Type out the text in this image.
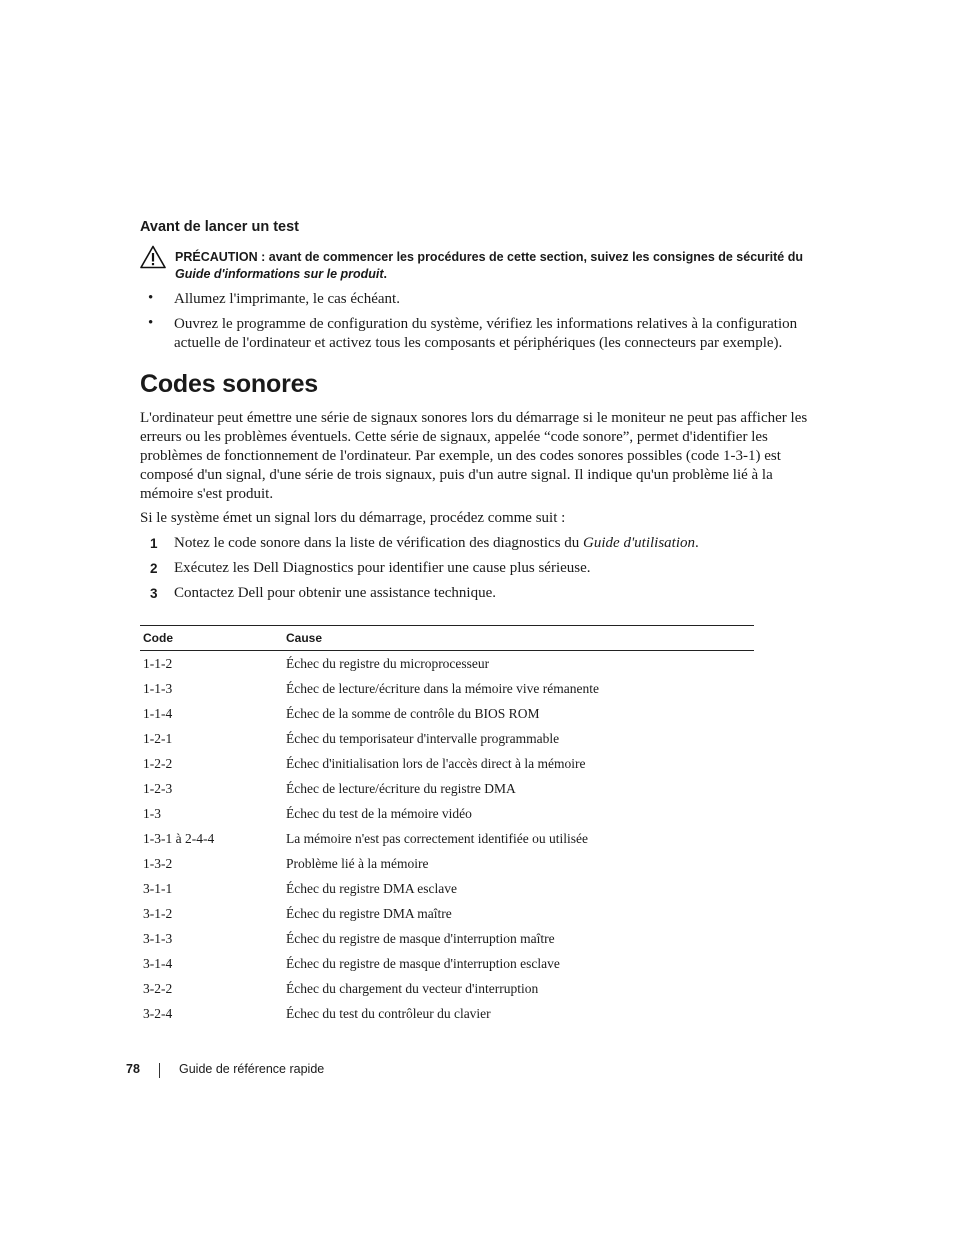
Avant de lancer un test
PRÉCAUTION : avant de commencer les procédures de cette section, suivez les consignes de sécurité du Guide d'informations sur le produit.
• Allumez l'imprimante, le cas échéant.
• Ouvrez le programme de configuration du système, vérifiez les informations relatives à la configuration actuelle de l'ordinateur et activez tous les composants et périphériques (les connecteurs par exemple).
Codes sonores
L'ordinateur peut émettre une série de signaux sonores lors du démarrage si le moniteur ne peut pas afficher les erreurs ou les problèmes éventuels. Cette série de signaux, appelée “code sonore”, permet d'identifier les problèmes de fonctionnement de l'ordinateur. Par exemple, un des codes sonores possibles (code 1-3-1) est composé d'un signal, d'une série de trois signaux, puis d'un autre signal. Il indique qu'un problème lié à la mémoire s'est produit.
Si le système émet un signal lors du démarrage, procédez comme suit :
1 Notez le code sonore dans la liste de vérification des diagnostics du Guide d'utilisation.
2 Exécutez les Dell Diagnostics pour identifier une cause plus sérieuse.
3 Contactez Dell pour obtenir une assistance technique.
Code	Cause
1-1-2	Échec du registre du microprocesseur
1-1-3	Échec de lecture/écriture dans la mémoire vive rémanente
1-1-4	Échec de la somme de contrôle du BIOS ROM
1-2-1	Échec du temporisateur d'intervalle programmable
1-2-2	Échec d'initialisation lors de l'accès direct à la mémoire
1-2-3	Échec de lecture/écriture du registre DMA
1-3	Échec du test de la mémoire vidéo
1-3-1 à 2-4-4	La mémoire n'est pas correctement identifiée ou utilisée
1-3-2	Problème lié à la mémoire
3-1-1	Échec du registre DMA esclave
3-1-2	Échec du registre DMA maître
3-1-3	Échec du registre de masque d'interruption maître
3-1-4	Échec du registre de masque d'interruption esclave
3-2-2	Échec du chargement du vecteur d'interruption
3-2-4	Échec du test du contrôleur du clavier
78	Guide de référence rapide
